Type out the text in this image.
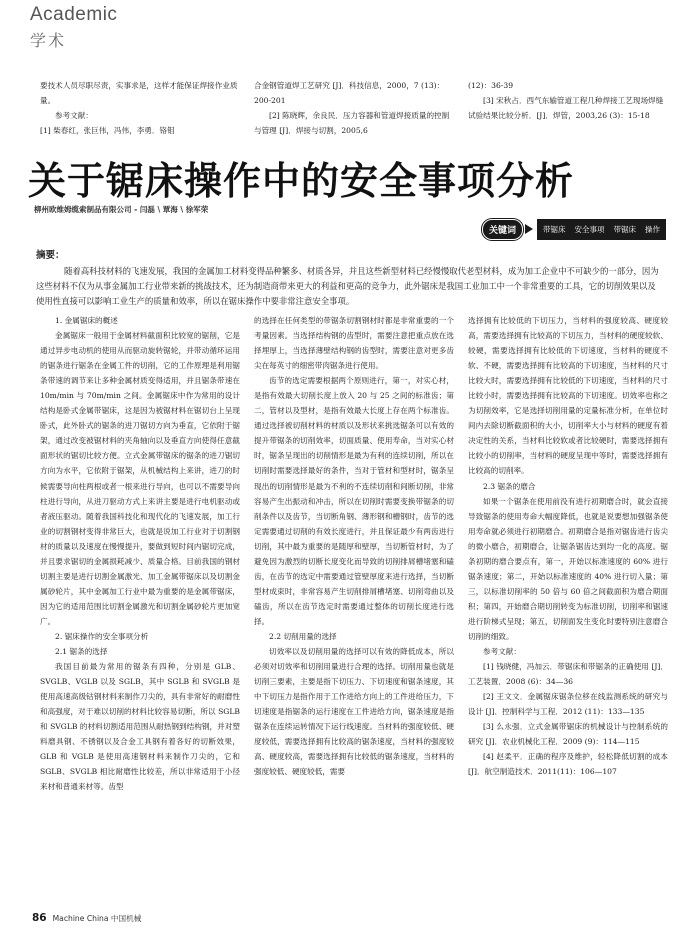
Academic
学术

要技术人员尽职尽责，实事求是，这样才能保证焊接作业质量。

参考文献：

[1] 柴春红，张巨伟，冯伟，李勇．铬钼

合金钢管道焊工艺研究 [J]．科技信息，2000，7 (13)：200-201

[2] 陈晓辉，余良民．压力容器和管道焊接质量的控制与管理 [J]．焊接与切割，2005,6

(12)：36-39

[3] 宋秋占．西气东输管道工程几种焊接工艺现场焊缝试验结果比较分析．[J]．焊管，2003,26 (3)：15-18

关于锯床操作中的安全事项分析
柳州欧维姆缆索制品有限公司 - 闫磊 \ 覃海 \ 徐军荣
关键词	带锯床 安全事项 带锯床 操作
摘要：

随着高科技材料的飞速发展，我国的金属加工材料变得品种繁多、材质各异，并且这些新型材料已经慢慢取代老型材料，成为加工企业中不可缺少的一部分，因为这些材料不仅为从事金属加工行业带来新的挑战技术，还为制造商带来更大的利益和更高的竞争力，此外锯床是我国工业加工中一个非常重要的工具，它的切削效果以及使用性直接可以影响工业生产的质量和效率，所以在锯床操作中要非常注意安全事项。

1. 金属锯床的概述

金属锯床一般用于金属材料截面积比较宽的锯削，它是通过异步电动机的使用从而驱动旋转锯轮，并带动循环运用的锯条进行锯条在金属工件的切削，它的工作原理是利用锯条带速的调节来让多种金属材质变得适用，并且锯条带速在 10m/min 与 70m/min 之间。金属锯床中作为常用的设计结构是卧式金属带锯床，这是因为被锯材料在锯切台上呈现卧式，此外卧式的锯条的进刀锯切方向为垂直，它依附于锯架，通过改变被锯材料的夹角轴向以及垂直方向使得任意截面形状的锯切比较方便。立式金属带锯床的锯条的进刀锯切方向为水平，它依附于锯架，从机械结构上来讲，进刀的时候需要导向柱两根或者一根来进行导向，也可以不需要导向柱进行导向，从进刀驱动方式上来讲主要是进行电机驱动或者液压驱动。随着我国科技化和现代化的飞速发展，加工行业的切割钢材变得非常巨大，也就是说加工行业对于切割钢材的质量以及速度在慢慢提升，要做到短时间内锯切完成，并且要求锯切的金属损耗减少、质量合格。目前我国的钢材切割主要是进行切割金属激光、加工金属带锯床以及切割金属砂轮片，其中金属加工行业中最为重要的是金属带锯床，因为它的适用范围比切割金属激光和切割金属砂轮片更加宽广。

2. 锯床操作的安全事项分析

2.1 锯条的选择

我国目前最为常用的锯条有四种，分别是 GLB、SVGLB、VGLB 以及 SGLB，其中 SGLB 和 SVGLB 是使用高速高级钴钢材料来制作刀尖的，具有非常好的耐磨性和高强度，对于难以切削的材料比较容易切断，所以 SGLB 和 SVGLB 的材料切割适用范围从耐热钢到结构钢，并对塑料磨具钢、不锈钢以及合金工具钢有着各好的切断效果，GLB 和 VGLB 是使用高速钢材料来制作刀尖的，它和 SGLB、SVGLB 相比耐磨性比较差，所以非常适用于小径来材和普通来材等。齿型

的选择在任何类型的带锯条切割钢材时都是非常重要的一个考量因素。当选择结构钢的齿型时，需要注意把重点放在选择埋厚上，当选择薄壁结构钢的齿型时，需要注意对更多齿尖在每英寸的细密带肉锯条进行使用。

齿节的选定需要根据两个原则进行，第一，对实心材，是指有效最大切削长度上放入 20 与 25 之间的标准齿；第二，管材以及型材，是指有效最大长度上存在两个标准齿。通过选择被切削材料的材质以及形状来挑选锯条可以有效的提升带锯条的切削效率，切面质量、使用寿命，当对实心材时，锯条呈现出的切削情形是最为有利的连续切削，所以在切削时需要选择最好的条件，当对于管材和型材时，锯条呈现出的切削情形是最为不利的不连续切削和间断切削，非常容易产生出振动和冲击，所以在切削时需要变换带锯条的切削条件以及齿节，当切断角钢、薄形钢和槽钢时，齿节的选定需要通过切削的有效长度进行，并且保证最少有两齿进行切削，其中最为重要的是随厚和壁厚，当切断管材时，为了避免因为激烈的切断长度变化而导致的切削排屑槽堵塞和磕齿，在齿节的选定中需要通过管壁厚度来进行选择，当切断型材成束时，非常容易产生切削排屑槽堵塞、切削弯曲以及磕齿，所以在齿节选定时需要通过整体的切削长度进行选择。

2.2 切削用量的选择

切效率以及切削用量的选择可以有效的降低成本，所以必须对切效率和切削用量进行合理的选择。切削用量也就是切削三要素，主要是指下切压力、下切速度和锯条速度，其中下切压力是指作用于工作进给方向上的工件进给压力，下切速度是指锯条的运行速度在工件进给方向，锯条速度是指锯条在连续运转情况下运行线速度。当材料的强度较低、硬度较低，需要选择拥有比较高的锯条速度，当材料的强度较高、硬度较高，需要选择拥有比较低的锯条速度，当材料的强度较低、硬度较低，需要

选择拥有比较低的下切压力，当材料的强度较高、硬度较高，需要选择拥有比较高的下切压力，当材料的硬度较软、较硬，需要选择拥有比较低的下切速度，当材料的硬度不软、不硬，需要选择拥有比较高的下切速度，当材料的尺寸比较大时，需要选择拥有比较低的下切速度，当材料的尺寸比较小时，需要选择拥有比较高的下切速度。切效率也称之为切削效率，它是选择切削用量的定量标准分析，在单位时间内去除切断截面积的大小，切削率大小与材料的硬度有着决定性的关系，当材料比较软或者比较硬时，需要选择拥有比较小的切削率，当材料的硬度呈现中等时，需要选择拥有比较高的切削率。

2.3 锯条的磨合

如果一个锯条在使用前没有进行初期磨合时，就会直接导致锯条的使用寿命大幅度降低，也就是说要想加强锯条使用寿命就必须进行初期磨合。初期磨合是指对锯齿进行齿尖的微小磨合，初期磨合，让锯条锯齿达到均一化的高度。锯条初期的磨合要点有，第一，开始以标准速度的 60% 进行锯条速度；第二，开始以标准速度的 40% 进行切入量；第三，以标准切削率的 50 倍与 60 倍之间截面积为磨合期面积；第四，开始磨合期切削转变为标准切削，切削率和锯速进行阶梯式呈现；第五，切削面发生变化时要特别注意磨合切削的细致。

参考文献：

[1] 钱晓健，冯加云．带锯床和带锯条的正确使用 [J]．工艺装置．2008 (6)：34—36

[2] 王文文．金属锯床锯条位移在线监测系统的研究与设计 [J]．控制科学与工程．2012 (11)：133—135

[3] 么永强．立式金属带锯床的机械设计与控制系统的研究 [J]．农业机械化工程．2009 (9)：114—115

[4] 赵柔平．正确的程序及维护，轻松降低切割的成本 [J]．航空制造技术．2011(11)：106—107

86 Machine China 中国机械
